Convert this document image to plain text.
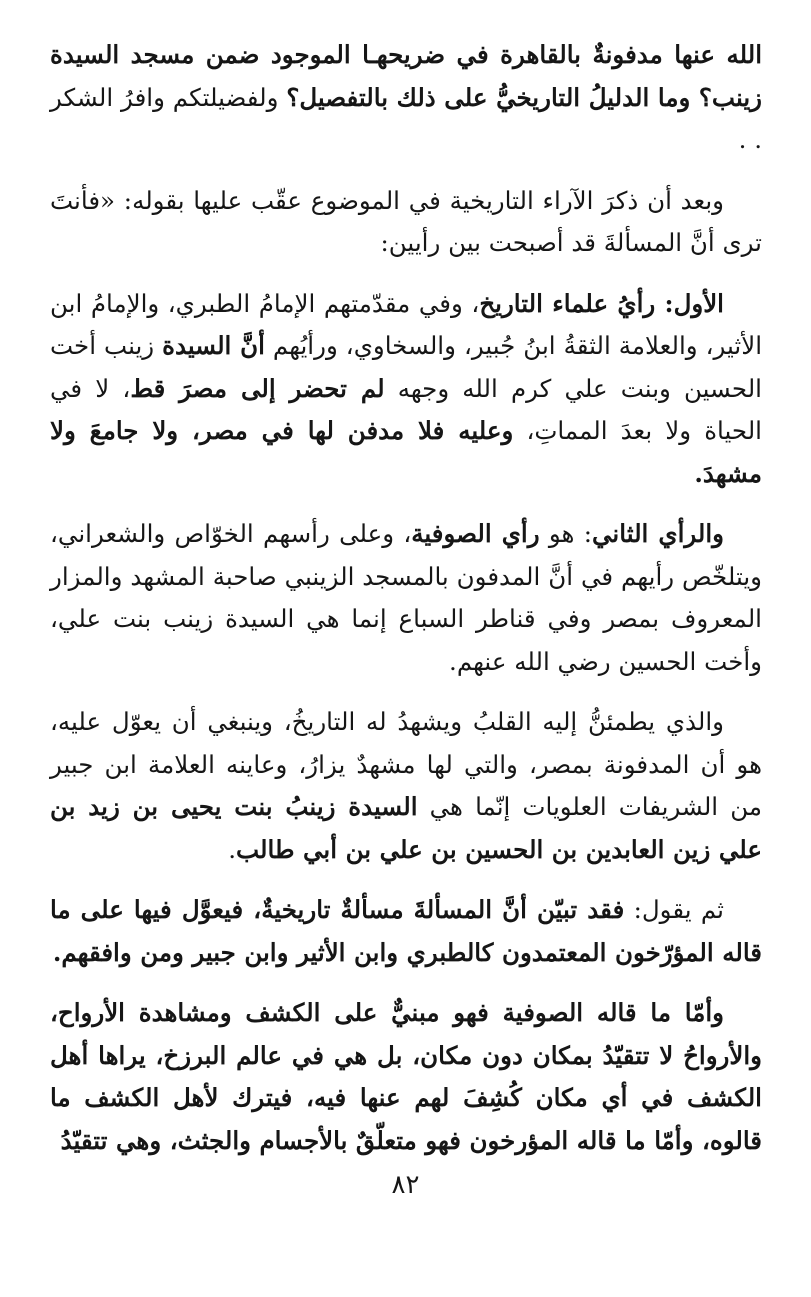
الله عنها مدفونةٌ بالقاهرة في ضريحهـا الموجود ضمن مسجد السيدة زينب؟ وما الدليلُ التاريخيُّ على ذلك بالتفصيل؟ ولفضيلتكم وافرُ الشكر . .

وبعد أن ذكرَ الآراء التاريخية في الموضوع عقّب عليها بقوله: «فأنتَ ترى أنَّ المسألةَ قد أصبحت بين رأيين:

الأول: رأيُ علماء التاريخ، وفي مقدّمتهم الإمامُ الطبري، والإمامُ ابن الأثير، والعلامة الثقةُ ابنُ جُبير، والسخاوي، ورأيُهم أنَّ السيدة زينب أخت الحسين وبنت علي كرم الله وجهه لم تحضر إلى مصرَ قط، لا في الحياة ولا بعدَ المماتِ، وعليه فلا مدفن لها في مصر، ولا جامعَ ولا مشهدَ.

والرأي الثاني: هو رأي الصوفية، وعلى رأسهم الخوّاص والشعراني، ويتلخّص رأيهم في أنَّ المدفون بالمسجد الزينبي صاحبة المشهد والمزار المعروف بمصر وفي قناطر السباع إنما هي السيدة زينب بنت علي، وأخت الحسين رضي الله عنهم.

والذي يطمئنُّ إليه القلبُ ويشهدُ له التاريخُ، وينبغي أن يعوّل عليه، هو أن المدفونة بمصر، والتي لها مشهدٌ يزارُ، وعاينه العلامة ابن جبير من الشريفات العلويات إنّما هي السيدة زينبُ بنت يحيى بن زيد بن علي زين العابدين بن الحسين بن علي بن أبي طالب.

ثم يقول: فقد تبيّن أنَّ المسألةَ مسألةٌ تاريخيةٌ، فيعوَّل فيها على ما قاله المؤرّخون المعتمدون كالطبري وابن الأثير وابن جبير ومن وافقهم.

وأمّا ما قاله الصوفية فهو مبنيٌّ على الكشف ومشاهدة الأرواح، والأرواحُ لا تتقيّدُ بمكان دون مكان، بل هي في عالم البرزخ، يراها أهل الكشف في أي مكان كُشِفَ لهم عنها فيه، فيترك لأهل الكشف ما قالوه، وأمّا ما قاله المؤرخون فهو متعلّقٌ بالأجسام والجثث، وهي تتقيّدُ

٨٢
